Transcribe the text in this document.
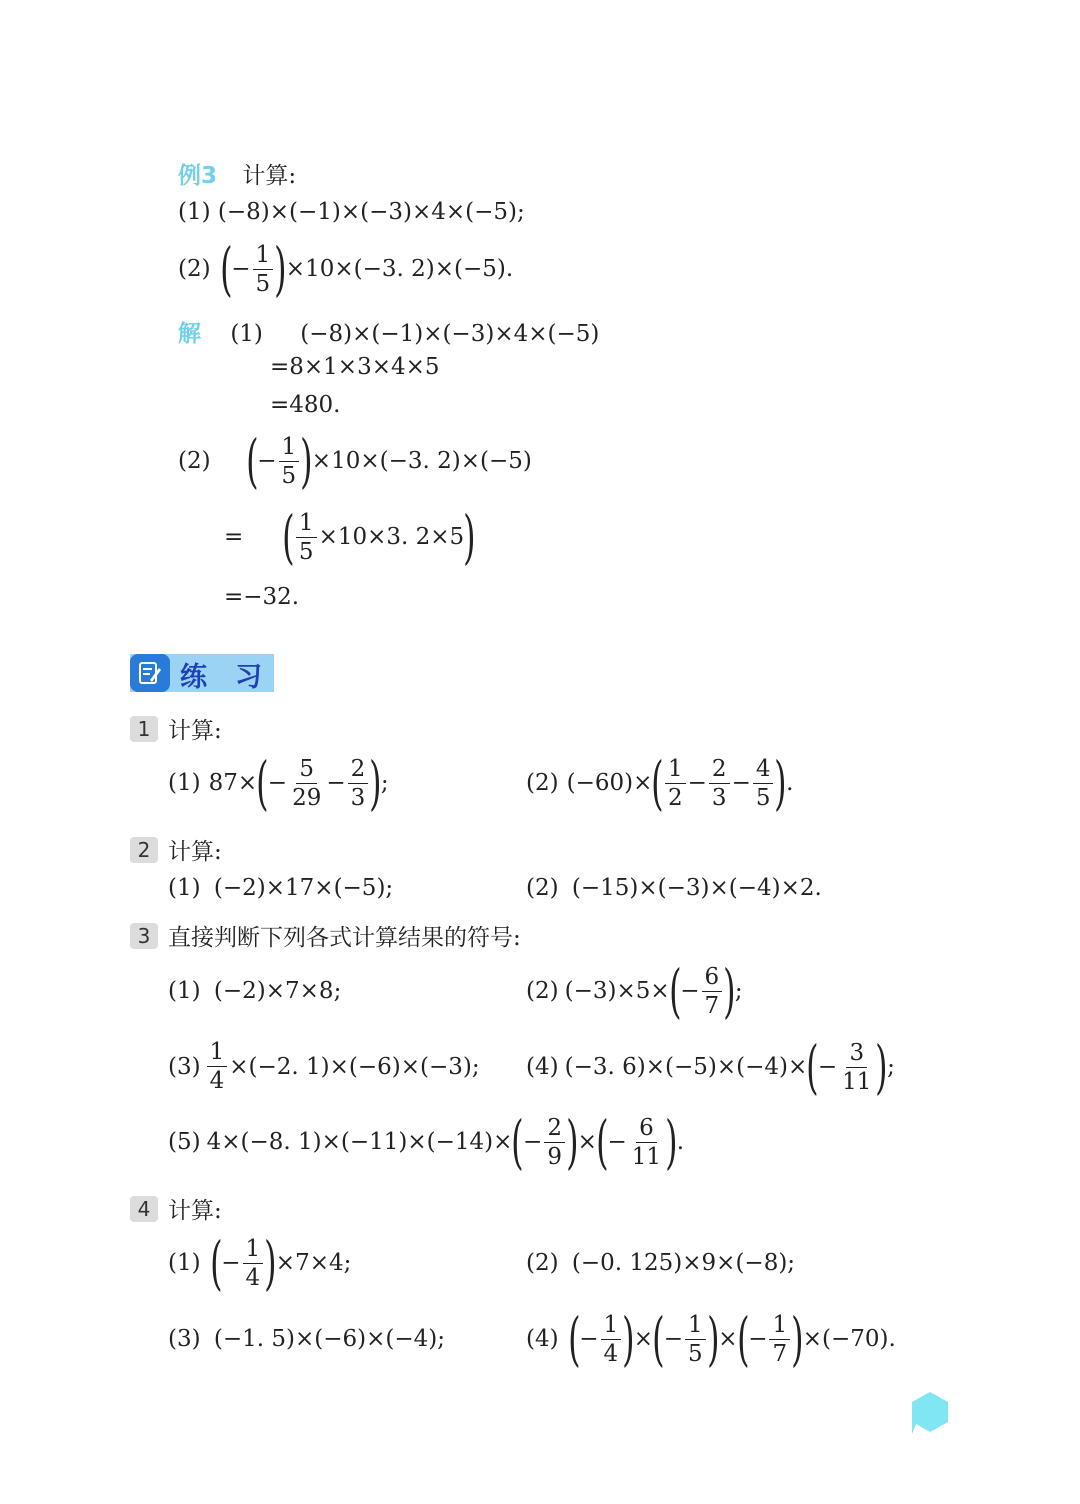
例3 计算:
(1) (−8)×(−1)×(−3)×4×(−5);
(2) ( − $\frac{1}{5}$ ) ×10×(−3. 2)×(−5).
解 (1) (−8)×(−1)×(−3)×4×(−5)
=8×1×3×4×5
=480.
(2) ( − $\frac{1}{5}$ ) ×10×(−3. 2)×(−5)
= ( $\frac{1}{5} \times 10\times 3$. 2×5 )
=−32.
练习
1 计算:
(1) 87× ( − $\frac{5}{29} - \frac{2}{3}$ ) ;	(2) (−60)× ( $\frac{1}{2} - \frac{2}{3} - \frac{4}{5}$ ) .
2 计算:
(1) (−2)×17×(−5);	(2) (−15)×(−3)×(−4)×2.
3 直接判断下列各式计算结果的符号:
(1) (−2)×7×8;	(2) (−3)×5× ( − $\frac{6}{7}$ ) ;
$(3) \frac{1}{4} \times(-2$. 1)×(−6)×(−3); (4) (−3. 6)×(−5)×(−4)× ( − $\frac{3}{11}$ ) ;
(5) 4×(−8. 1)×(−11)×(−14)× ( − $\frac{2}{9}$ ) × ( − $\frac{6}{11}$ ) .
4 计算:
(1) ( − $\frac{1}{4}$ ) ×7×4;	(2) (−0. 125)×9×(−8);
(3) (−1. 5)×(−6)×(−4);	(4) ( − $\frac{1}{4}$ ) × ( − $\frac{1}{5}$ ) × ( − $\frac{1}{7}$ ) ×(−70).
